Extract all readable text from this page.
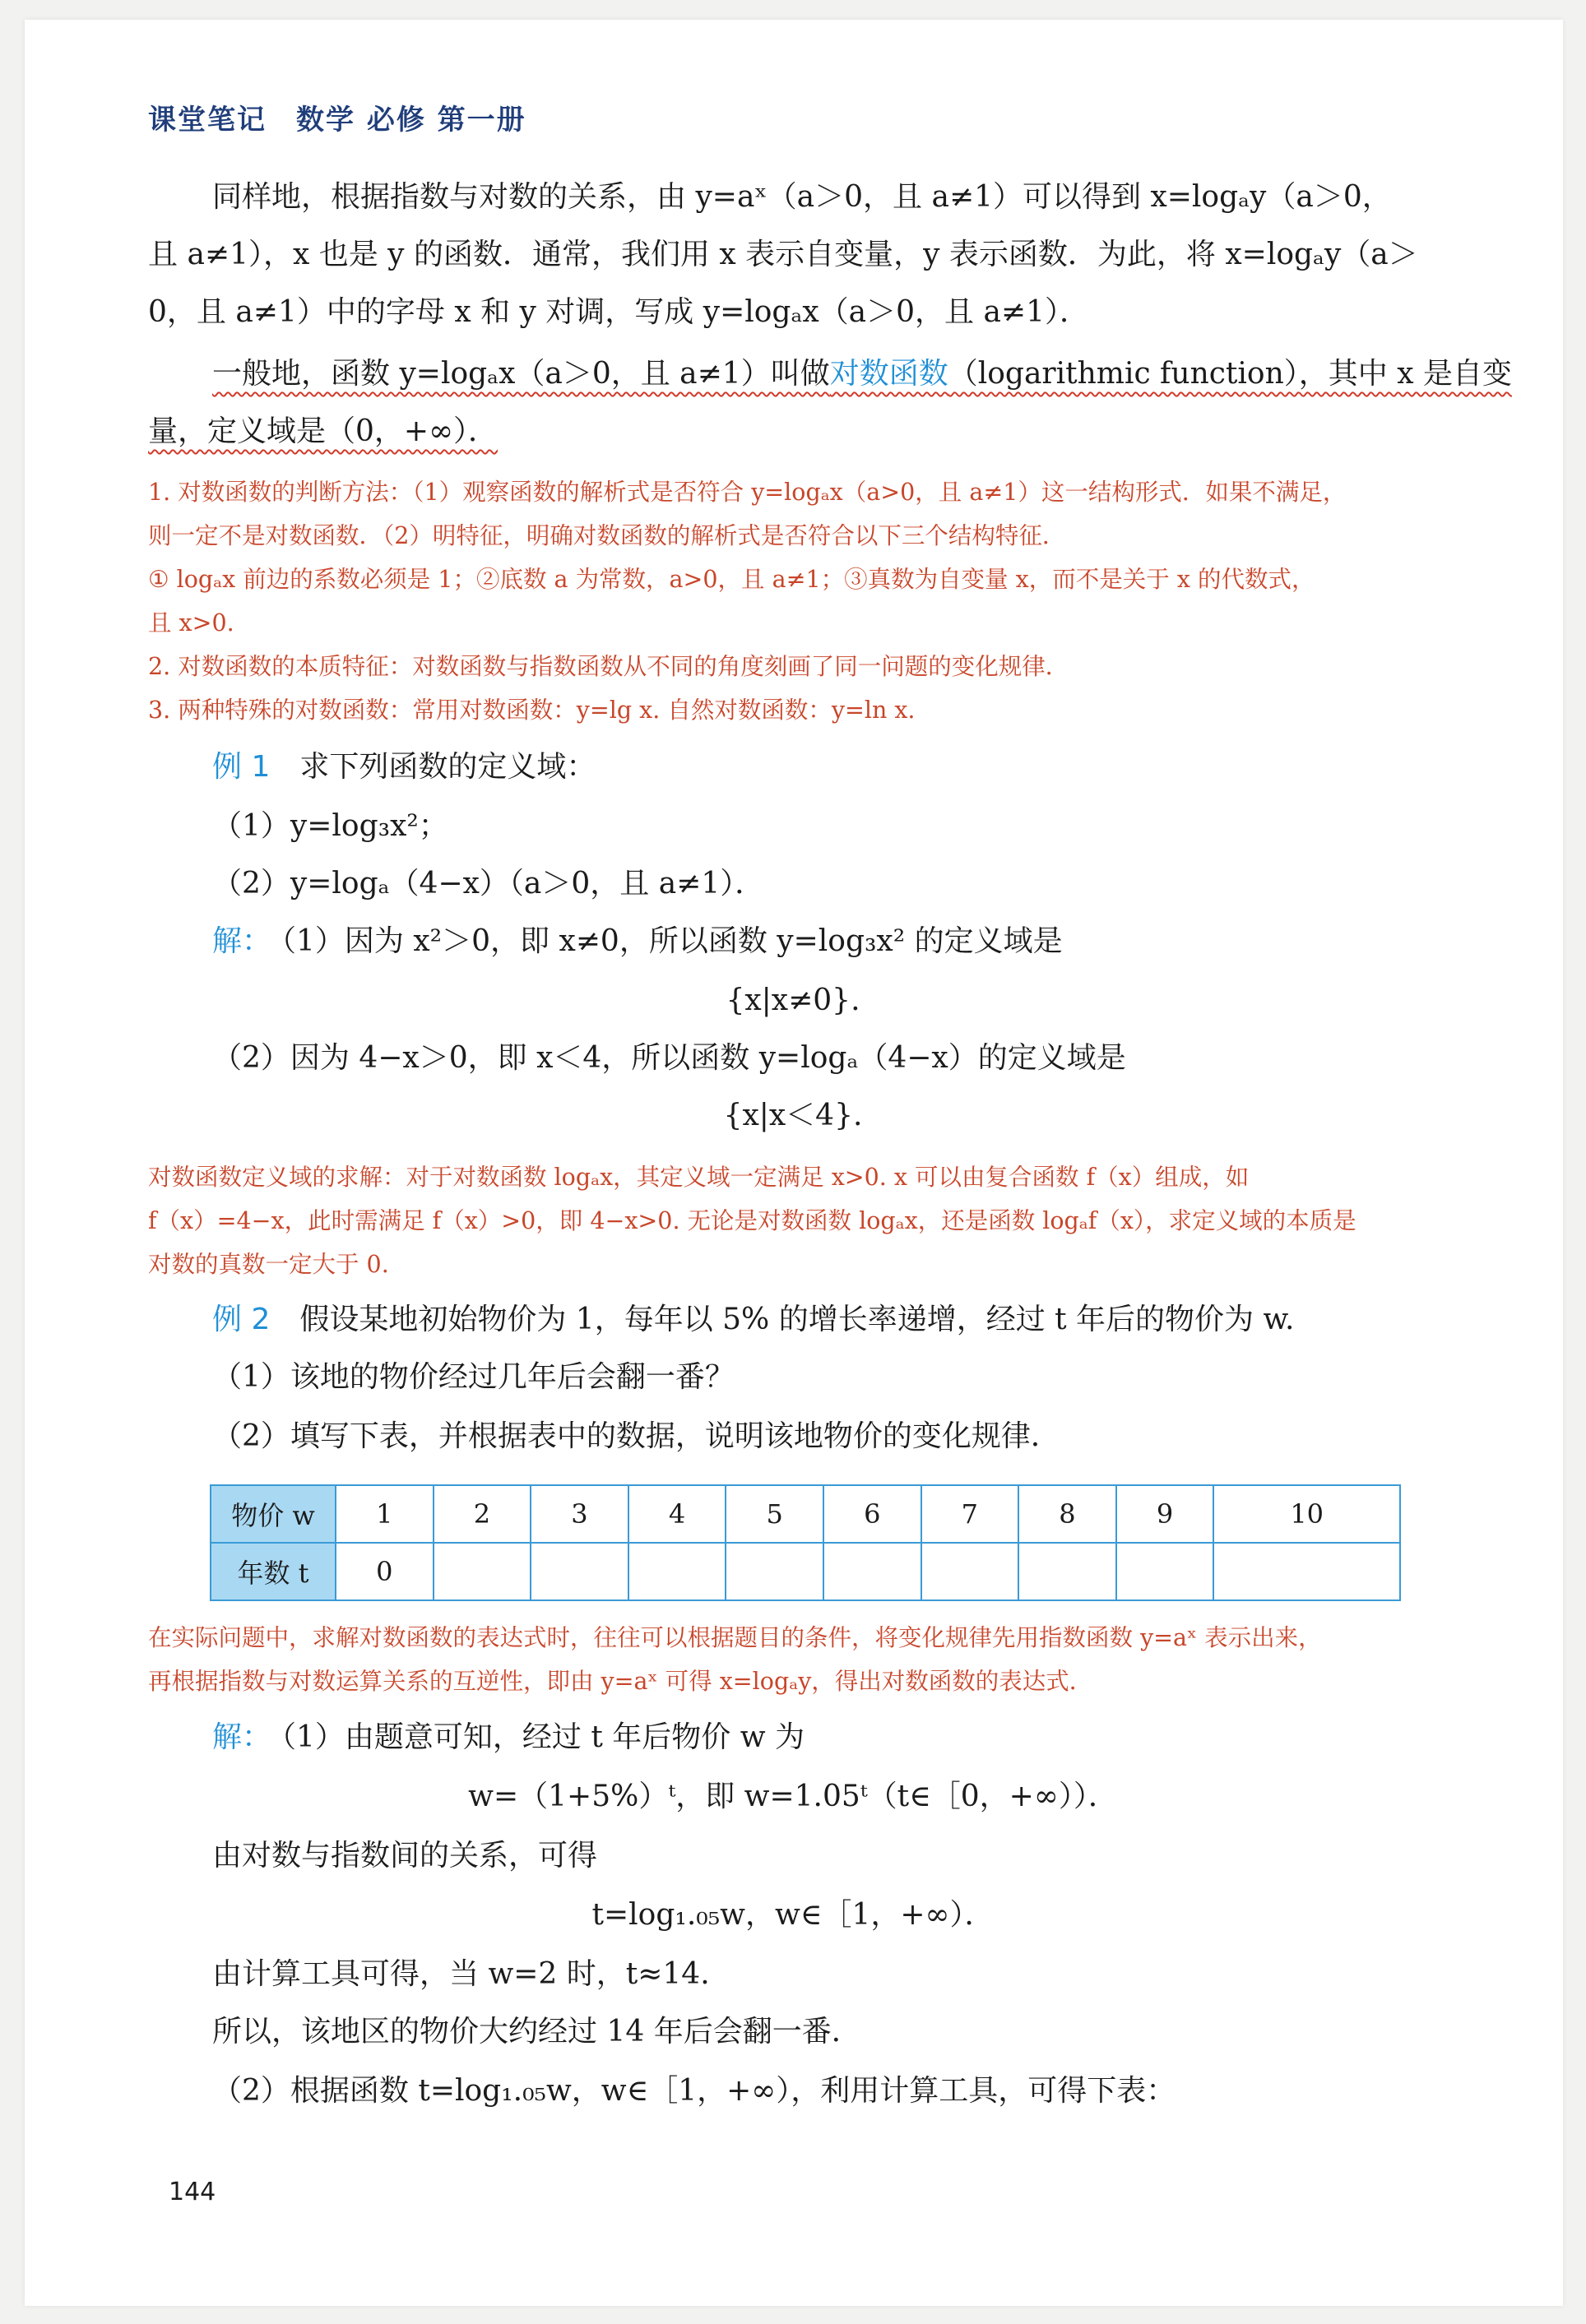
课堂笔记　数学 必修 第一册
同样地，根据指数与对数的关系，由 y=aˣ（a＞0，且 a≠1）可以得到 x=logₐy（a＞0，
且 a≠1），x 也是 y 的函数．通常，我们用 x 表示自变量，y 表示函数．为此，将 x=logₐy（a＞
0，且 a≠1）中的字母 x 和 y 对调，写成 y=logₐx（a＞0，且 a≠1）．
一般地，函数 y=logₐx（a＞0，且 a≠1）叫做对数函数（logarithmic function），其中 x 是自变
量，定义域是（0，+∞）．
1. 对数函数的判断方法：（1）观察函数的解析式是否符合 y=logₐx（a>0，且 a≠1）这一结构形式．如果不满足，
则一定不是对数函数．（2）明特征，明确对数函数的解析式是否符合以下三个结构特征．
① logₐx 前边的系数必须是 1；②底数 a 为常数，a>0，且 a≠1；③真数为自变量 x，而不是关于 x 的代数式，
且 x>0.
2. 对数函数的本质特征：对数函数与指数函数从不同的角度刻画了同一问题的变化规律．
3. 两种特殊的对数函数：常用对数函数：y=lg x. 自然对数函数：y=ln x.
例 1 求下列函数的定义域：
（1）y=log₃x²；
（2）y=logₐ（4−x）（a＞0，且 a≠1）．
解： （1）因为 x²＞0，即 x≠0，所以函数 y=log₃x² 的定义域是
{x|x≠0}.
（2）因为 4−x＞0，即 x＜4，所以函数 y=logₐ（4−x）的定义域是
{x|x＜4}.
对数函数定义域的求解：对于对数函数 logₐx，其定义域一定满足 x>0. x 可以由复合函数 f（x）组成，如
f（x）=4−x，此时需满足 f（x）>0，即 4−x>0. 无论是对数函数 logₐx，还是函数 logₐf（x），求定义域的本质是
对数的真数一定大于 0.
例 2 假设某地初始物价为 1，每年以 5% 的增长率递增，经过 t 年后的物价为 w.
（1）该地的物价经过几年后会翻一番？
（2）填写下表，并根据表中的数据，说明该地物价的变化规律．
物价 w	1	2	3	4	5	6	7	8	9	10
年数 t	0									
在实际问题中，求解对数函数的表达式时，往往可以根据题目的条件，将变化规律先用指数函数 y=aˣ 表示出来，
再根据指数与对数运算关系的互逆性，即由 y=aˣ 可得 x=logₐy，得出对数函数的表达式．
解： （1）由题意可知，经过 t 年后物价 w 为
w=（1+5%）ᵗ，即 w=1.05ᵗ（t∈［0，+∞））．
由对数与指数间的关系，可得
t=log₁.₀₅w，w∈［1，+∞）．
由计算工具可得，当 w=2 时，t≈14.
所以，该地区的物价大约经过 14 年后会翻一番．
（2）根据函数 t=log₁.₀₅w，w∈［1，+∞），利用计算工具，可得下表：
144
